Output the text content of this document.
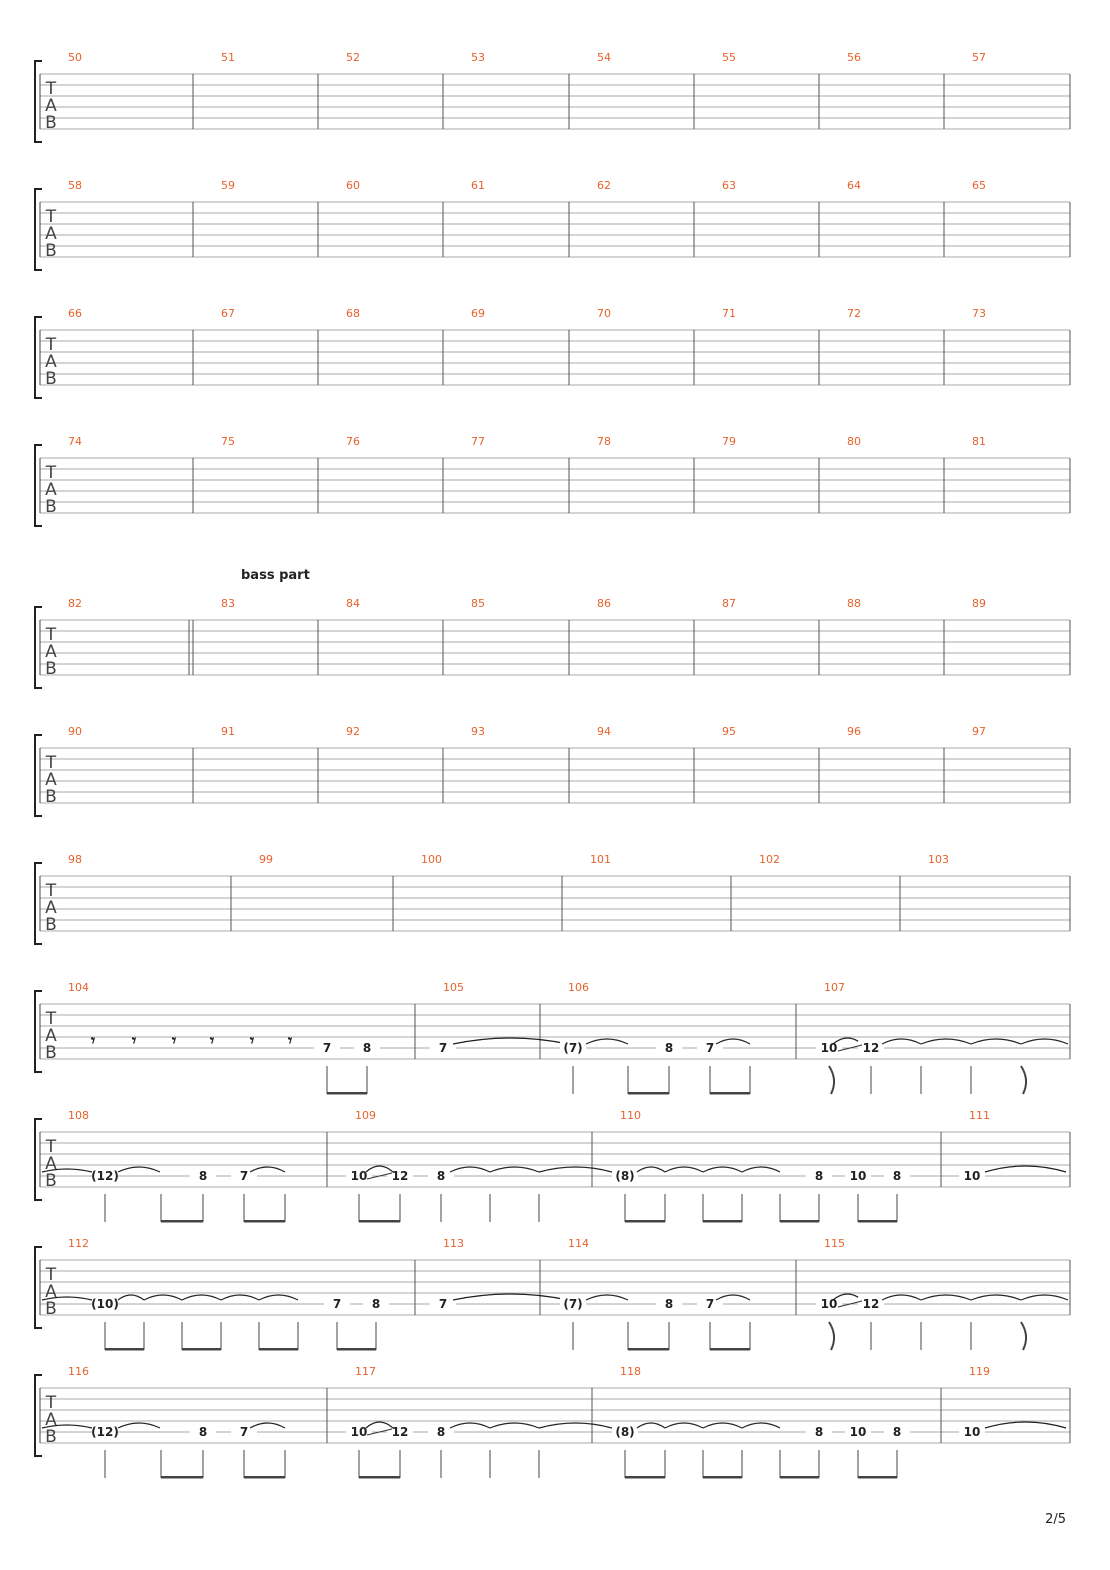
2/5
T
A
B
50	51	52	53	54	55	56	57
T
A
B
58	59	60	61	62	63	64	65
T
A
B
66	67	68	69	70	71	72	73
T
A
B
74	75	76	77	78	79	80	81
T
A
B
82	83	84	85	86	87	88	89
T
A
B
90	91	92	93	94	95	96	97
T
A
B
98	99	100	101	102	103
T
A
B
104	105	106	107
T
A
B
108	109	110	111
T
A
B
112	113	114	115
T
A
B
116	117	118	119
bass part
𝄾 𝄾 𝄾 𝄾 𝄾 𝄾	7	8	7	(7)	8	7	10 12
(12)	8	7	10 12 8	(8)	8 10 8	10
(12)	8	7	10 12 8	(8)	8 10 8	10
(10)	7	8	7	(7)	8	7	10 12
